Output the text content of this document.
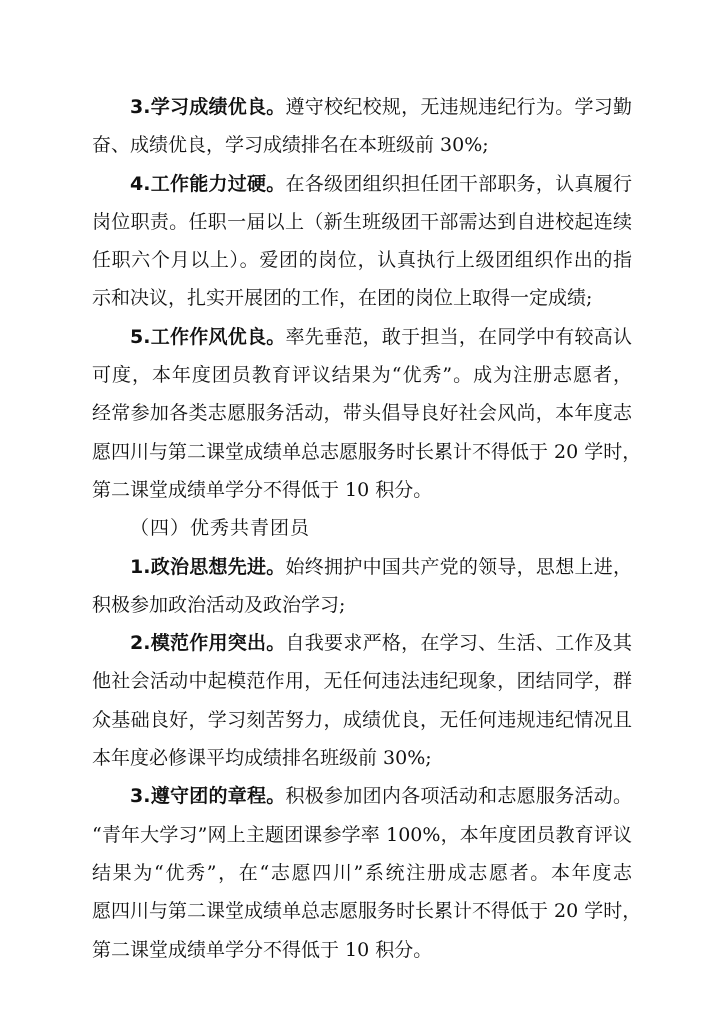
3.学习成绩优良。遵守校纪校规，无违规违纪行为。学习勤
奋、成绩优良，学习成绩排名在本班级前 30%;
4.工作能力过硬。在各级团组织担任团干部职务，认真履行
岗位职责。任职一届以上（新生班级团干部需达到自进校起连续
任职六个月以上）。爱团的岗位，认真执行上级团组织作出的指
示和决议，扎实开展团的工作，在团的岗位上取得一定成绩;
5.工作作风优良。率先垂范，敢于担当，在同学中有较高认
可度，本年度团员教育评议结果为“优秀”。成为注册志愿者，
经常参加各类志愿服务活动，带头倡导良好社会风尚，本年度志
愿四川与第二课堂成绩单总志愿服务时长累计不得低于 20 学时，
第二课堂成绩单学分不得低于 10 积分。
（四）优秀共青团员
1.政治思想先进。始终拥护中国共产党的领导，思想上进，
积极参加政治活动及政治学习;
2.模范作用突出。自我要求严格，在学习、生活、工作及其
他社会活动中起模范作用，无任何违法违纪现象，团结同学，群
众基础良好，学习刻苦努力，成绩优良，无任何违规违纪情况且
本年度必修课平均成绩排名班级前 30%;
3.遵守团的章程。积极参加团内各项活动和志愿服务活动。
“青年大学习”网上主题团课参学率 100%，本年度团员教育评议
结果为“优秀”，在“志愿四川”系统注册成志愿者。本年度志
愿四川与第二课堂成绩单总志愿服务时长累计不得低于 20 学时，
第二课堂成绩单学分不得低于 10 积分。
